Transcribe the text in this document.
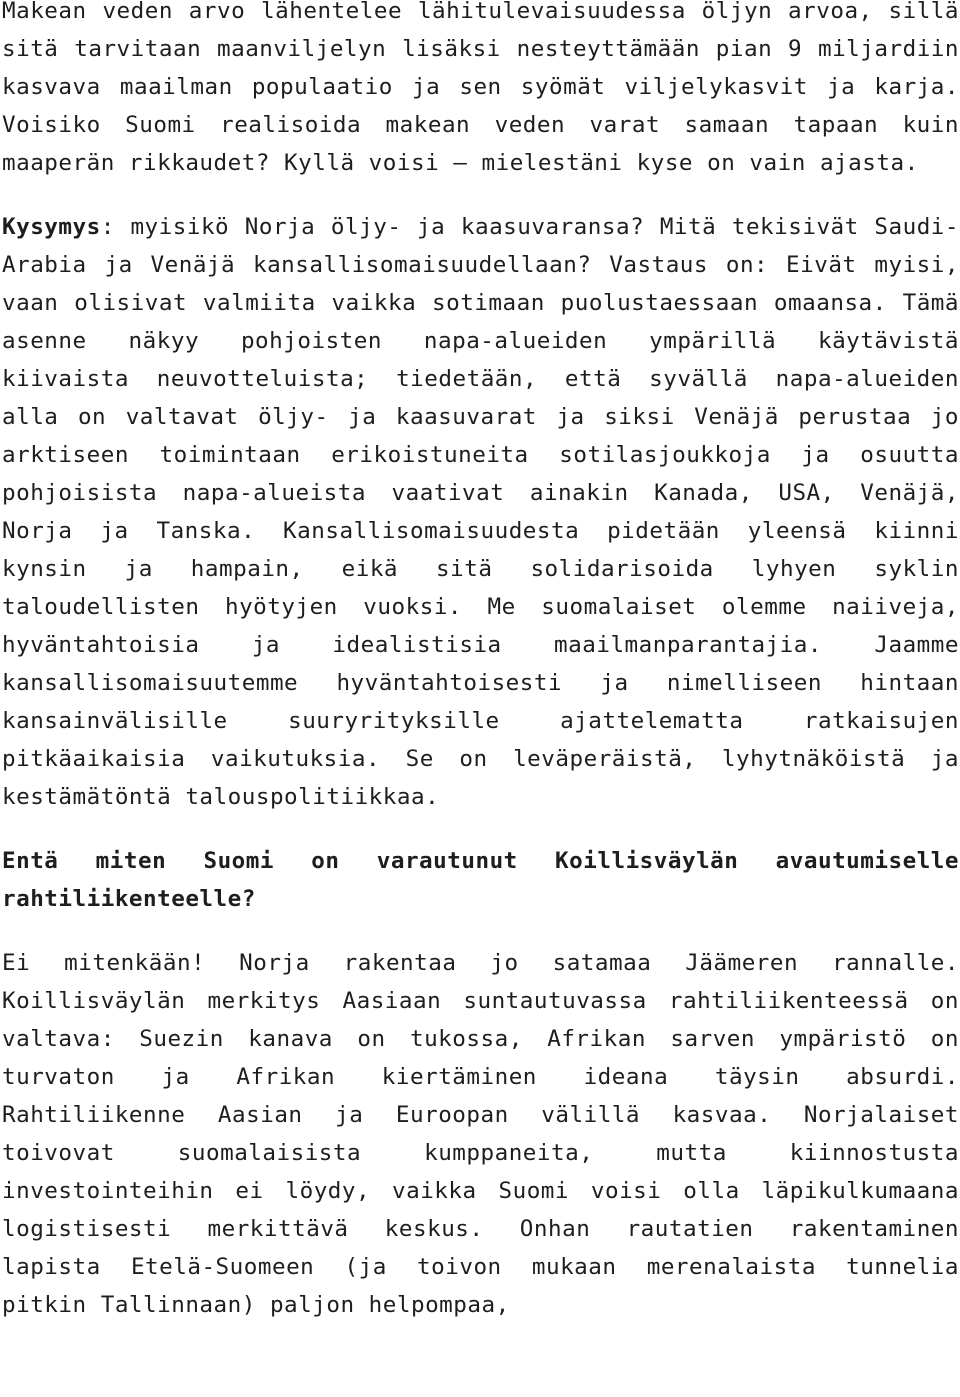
Makean veden arvo lähentelee lähitulevaisuudessa öljyn arvoa, sillä sitä tarvitaan maanviljelyn lisäksi nesteyttämään pian 9 miljardiin kasvava maailman populaatio ja sen syömät viljelykasvit ja karja. Voisiko Suomi realisoida makean veden varat samaan tapaan kuin maaperän rikkaudet? Kyllä voisi – mielestäni kyse on vain ajasta.

Kysymys: myisikö Norja öljy- ja kaasuvaransa? Mitä tekisivät Saudi-Arabia ja Venäjä kansallisomaisuudellaan? Vastaus on: Eivät myisi, vaan olisivat valmiita vaikka sotimaan puolustaessaan omaansa. Tämä asenne näkyy pohjoisten napa-alueiden ympärillä käytävistä kiivaista neuvotteluista; tiedetään, että syvällä napa-alueiden alla on valtavat öljy- ja kaasuvarat ja siksi Venäjä perustaa jo arktiseen toimintaan erikoistuneita sotilasjoukkoja ja osuutta pohjoisista napa-alueista vaativat ainakin Kanada, USA, Venäjä, Norja ja Tanska. Kansallisomaisuudesta pidetään yleensä kiinni kynsin ja hampain, eikä sitä solidarisoida lyhyen syklin taloudellisten hyötyjen vuoksi. Me suomalaiset olemme naiiveja, hyväntahtoisia ja idealistisia maailmanparantajia. Jaamme kansallisomaisuutemme hyväntahtoisesti ja nimelliseen hintaan kansainvälisille suuryrityksille ajattelematta ratkaisujen pitkäaikaisia vaikutuksia. Se on leväperäistä, lyhytnäköistä ja kestämätöntä talouspolitiikkaa.

Entä miten Suomi on varautunut Koillisväylän avautumiselle rahtiliikenteelle?

Ei mitenkään! Norja rakentaa jo satamaa Jäämeren rannalle. Koillisväylän merkitys Aasiaan suntautuvassa rahtiliikenteessä on valtava: Suezin kanava on tukossa, Afrikan sarven ympäristö on turvaton ja Afrikan kiertäminen ideana täysin absurdi. Rahtiliikenne Aasian ja Euroopan välillä kasvaa. Norjalaiset toivovat suomalaisista kumppaneita, mutta kiinnostusta investointeihin ei löydy, vaikka Suomi voisi olla läpikulkumaana logistisesti merkittävä keskus. Onhan rautatien rakentaminen lapista Etelä-Suomeen (ja toivon mukaan merenalaista tunnelia pitkin Tallinnaan) paljon helpompaa,
